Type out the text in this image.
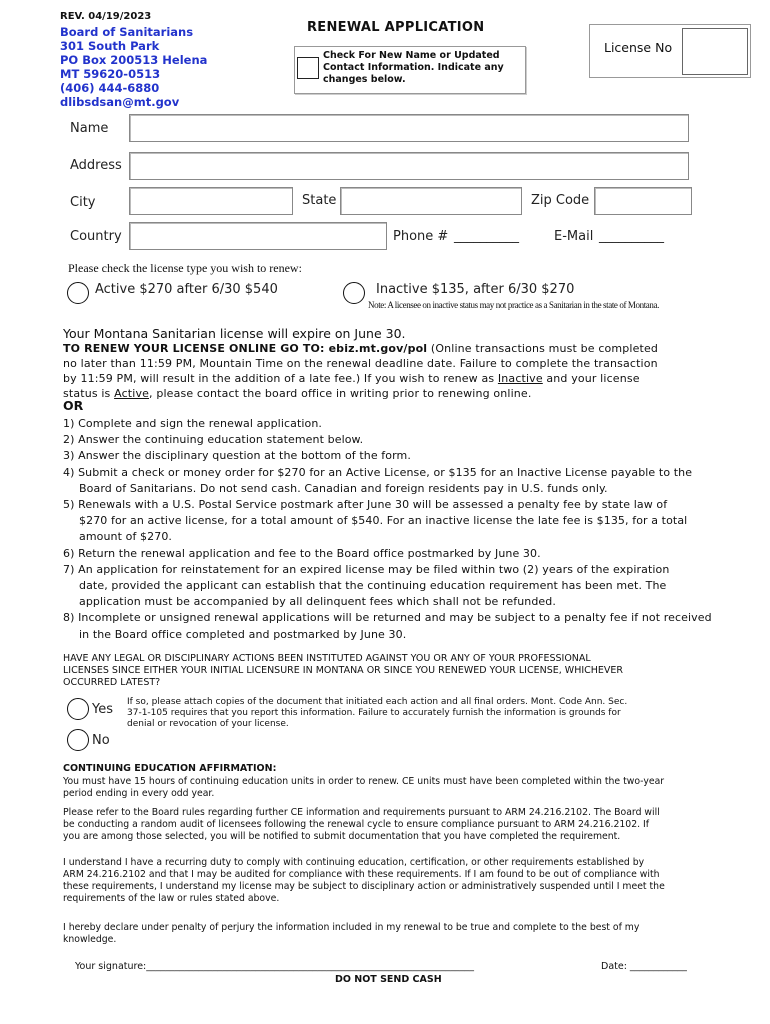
REV. 04/19/2023
Board of Sanitarians
301 South Park
PO Box 200513 Helena
MT 59620-0513
(406) 444-6880
dlibsdsan@mt.gov
RENEWAL APPLICATION
Check For New Name or Updated Contact Information. Indicate any changes below.
License No
Name
Address
City	State	Zip Code
Country	Phone # __________	E-Mail __________
Please check the license type you wish to renew:
Active $270 after 6/30 $540	Inactive $135, after 6/30 $270
Note: A licensee on inactive status may not practice as a Sanitarian in the state of Montana.
Your Montana Sanitarian license will expire on June 30.
TO RENEW YOUR LICENSE ONLINE GO TO: ebiz.mt.gov/pol (Online transactions must be completed
no later than 11:59 PM, Mountain Time on the renewal deadline date. Failure to complete the transaction
by 11:59 PM, will result in the addition of a late fee.) If you wish to renew as Inactive and your license
status is Active, please contact the board office in writing prior to renewing online.
OR
1) Complete and sign the renewal application.
2) Answer the continuing education statement below.
3) Answer the disciplinary question at the bottom of the form.
4) Submit a check or money order for $270 for an Active License, or $135 for an Inactive License payable to the
Board of Sanitarians. Do not send cash. Canadian and foreign residents pay in U.S. funds only.
5) Renewals with a U.S. Postal Service postmark after June 30 will be assessed a penalty fee by state law of
$270 for an active license, for a total amount of $540. For an inactive license the late fee is $135, for a total
amount of $270.
6) Return the renewal application and fee to the Board office postmarked by June 30.
7) An application for reinstatement for an expired license may be filed within two (2) years of the expiration
date, provided the applicant can establish that the continuing education requirement has been met. The
application must be accompanied by all delinquent fees which shall not be refunded.
8) Incomplete or unsigned renewal applications will be returned and may be subject to a penalty fee if not received
in the Board office completed and postmarked by June 30.
HAVE ANY LEGAL OR DISCIPLINARY ACTIONS BEEN INSTITUTED AGAINST YOU OR ANY OF YOUR PROFESSIONAL
LICENSES SINCE EITHER YOUR INITIAL LICENSURE IN MONTANA OR SINCE YOU RENEWED YOUR LICENSE, WHICHEVER
OCCURRED LATEST?
Yes If so, please attach copies of the document that initiated each action and all final orders. Mont. Code Ann. Sec.
37-1-105 requires that you report this information. Failure to accurately furnish the information is grounds for
denial or revocation of your license.
No
CONTINUING EDUCATION AFFIRMATION:
You must have 15 hours of continuing education units in order to renew. CE units must have been completed within the two-year
period ending in every odd year.
Please refer to the Board rules regarding further CE information and requirements pursuant to ARM 24.216.2102. The Board will
be conducting a random audit of licensees following the renewal cycle to ensure compliance pursuant to ARM 24.216.2102. If
you are among those selected, you will be notified to submit documentation that you have completed the requirement.
I understand I have a recurring duty to comply with continuing education, certification, or other requirements established by
ARM 24.216.2102 and that I may be audited for compliance with these requirements. If I am found to be out of compliance with
these requirements, I understand my license may be subject to disciplinary action or administratively suspended until I meet the
requirements of the law or rules stated above.
I hereby declare under penalty of perjury the information included in my renewal to be true and complete to the best of my
knowledge.
Your signature:_____________________________________________________________________	Date: ____________
DO NOT SEND CASH
